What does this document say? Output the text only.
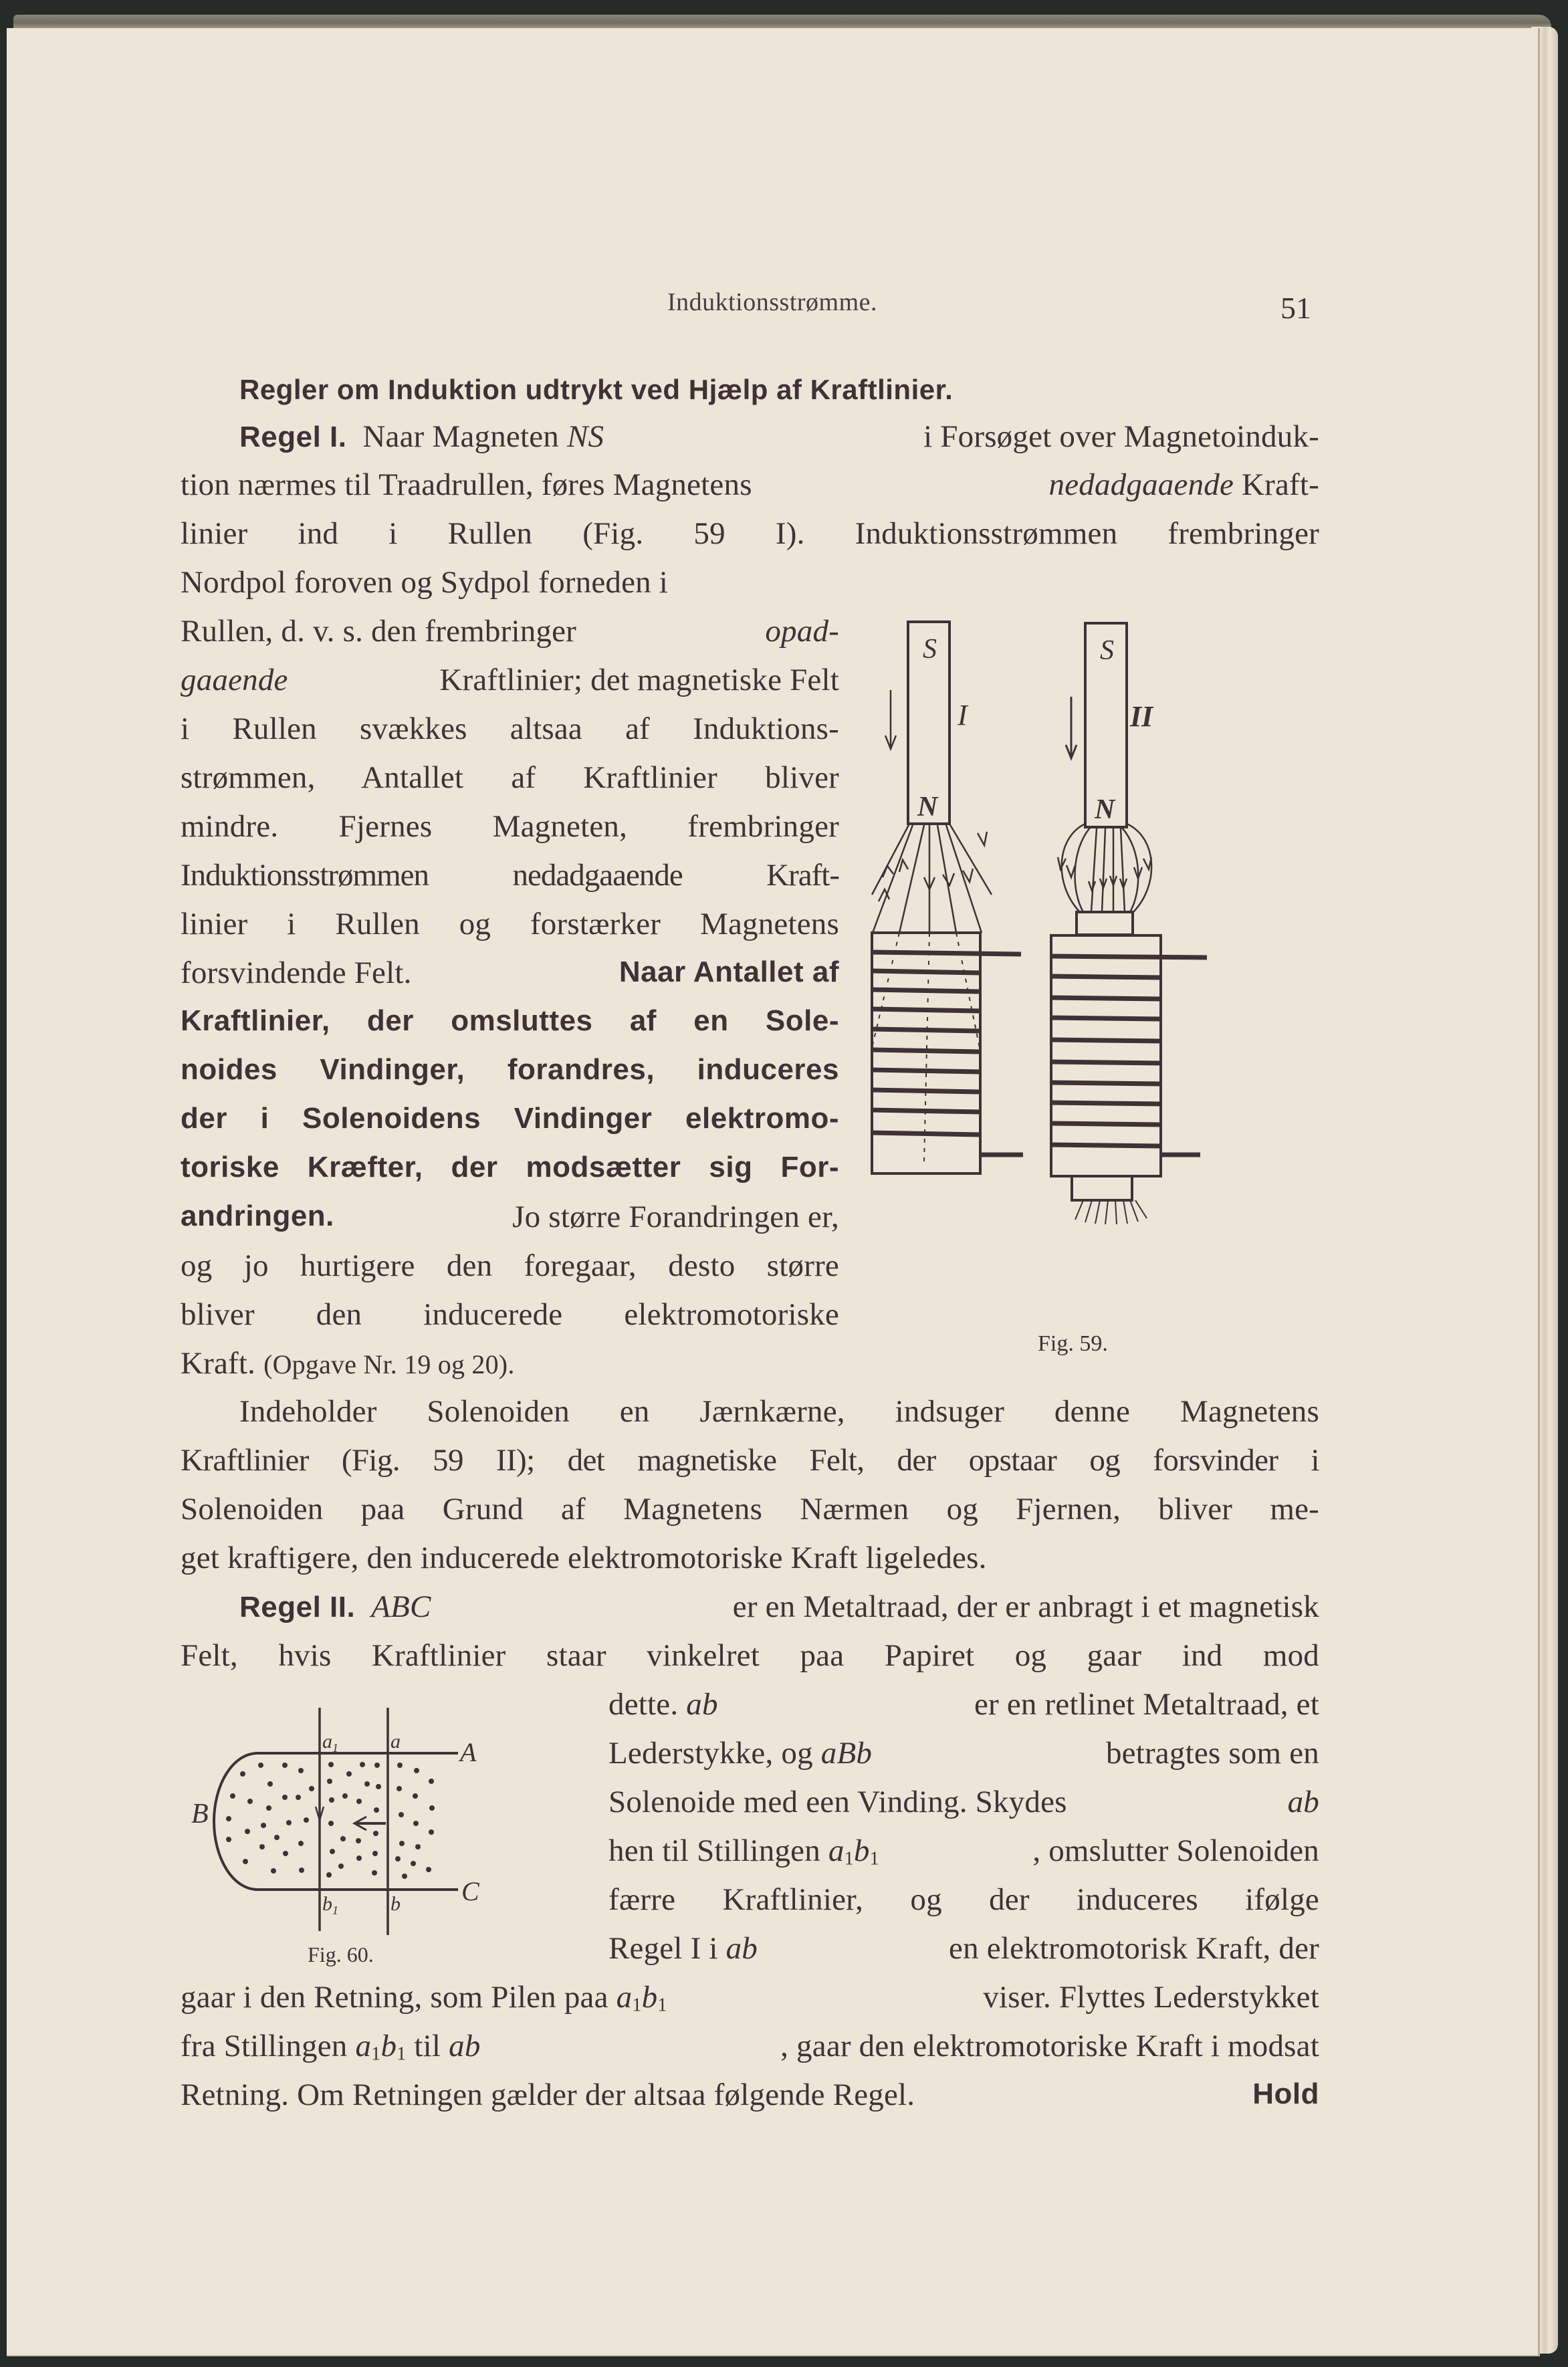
Induktionsstrømme.	51
Regler om Induktion udtrykt ved Hjælp af Kraftlinier.
Regel I. Naar Magneten NS	i Forsøget over Magnetoinduk-
tion nærmes til Traadrullen, føres Magnetens	nedadgaaende Kraft-
linier ind i Rullen (Fig. 59 I). Induktionsstrømmen frembringer
Nordpol foroven og Sydpol forneden i
Rullen, d. v. s. den frembringer	opad-
gaaende	Kraftlinier; det magnetiske Felt
i Rullen svækkes altsaa af Induktions-
strømmen, Antallet af Kraftlinier bliver
mindre. Fjernes Magneten, frembringer
Induktionsstrømmen nedadgaaende Kraft-
linier i Rullen og forstærker Magnetens
forsvindende Felt.	Naar Antallet af
Kraftlinier, der omsluttes af en Sole-
noides Vindinger, forandres, induceres
der i Solenoidens Vindinger elektromo-
toriske Kræfter, der modsætter sig For-
andringen.	Jo større Forandringen er,
og jo hurtigere den foregaar, desto større
bliver den inducerede elektromotoriske
Kraft. (Opgave Nr. 19 og 20).
S
N
I
S
N
II
Fig. 59.
Indeholder Solenoiden en Jærnkærne, indsuger denne Magnetens
Kraftlinier (Fig. 59 II); det magnetiske Felt, der opstaar og forsvinder i
Solenoiden paa Grund af Magnetens Nærmen og Fjernen, bliver me-
get kraftigere, den inducerede elektromotoriske Kraft ligeledes.
Regel II. ABC	er en Metaltraad, der er anbragt i et magnetisk
Felt, hvis Kraftlinier staar vinkelret paa Papiret og gaar ind mod
dette. ab	er en retlinet Metaltraad, et
Lederstykke, og aBb	betragtes som en
Solenoide med een Vinding. Skydes	ab
hen til Stillingen $a_1b_1$	, omslutter Solenoiden
færre Kraftlinier, og der induceres ifølge
Regel I i ab	en elektromotorisk Kraft, der
B
A
C
$a_1$	a
$b_1$	b
Fig. 60.
gaar i den Retning, som Pilen paa $a_1b_1$	viser. Flyttes Lederstykket
fra Stillingen $a_1b_1$ til ab	, gaar den elektromotoriske Kraft i modsat
Retning. Om Retningen gælder der altsaa følgende Regel.	Hold
